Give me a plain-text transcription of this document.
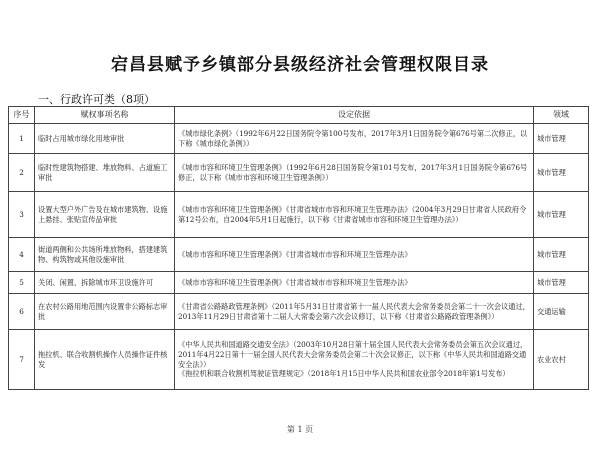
宕昌县赋予乡镇部分县级经济社会管理权限目录
一、行政许可类（8项）
序号	赋权事项名称	设定依据	领域
1	临时占用城市绿化用地审批	《城市绿化条例》（1992年6月22日国务院令第100号发布，2017年3月1日国务院令第676号第二次修正，以下称《城市绿化条例》）	城市管理
2	临时性建筑物搭建、堆放物料、占道施工审批	《城市市容和环境卫生管理条例》（1992年6月28日国务院令第101号发布，2017年3月1日国务院令第676号修正，以下称《城市市容和环境卫生管理条例》）	城市管理
3	设置大型户外广告及在城市建筑物、设施上悬挂、张贴宣传品审批	《城市市容和环境卫生管理条例》《甘肃省城市市容和环境卫生管理办法》（2004年3月29日甘肃省人民政府令第12号公布，自2004年5月1日起施行，以下称《甘肃省城市市容和环境卫生管理办法》）	城市管理
4	街道两侧和公共场所堆放物料，搭建建筑物、构筑物或其他设施审批	《城市市容和环境卫生管理条例》《甘肃省城市市容和环境卫生管理办法》	城市管理
5	关闭、闲置、拆除城市环卫设施许可	《城市市容和环境卫生管理条例》《甘肃省城市市容和环境卫生管理办法》	城市管理
6	在农村公路用地范围内设置非公路标志审批	《甘肃省公路路政管理条例》（2011年5月31日甘肃省第十一届人民代表大会常务委员会第二十一次会议通过，2013年11月29日甘肃省第十二届人大常委会第六次会议修订，以下称《甘肃省公路路政管理条例》）	交通运输
7	拖拉机、联合收割机操作人员操作证件核发	《中华人民共和国道路交通安全法》（2003年10月28日第十届全国人民代表大会常务委员会第五次会议通过，2011年4月22日第十一届全国人民代表大会常务委员会第二十次会议修正，以下称《中华人民共和国道路交通安全法》）
《拖拉机和联合收割机驾驶证管理规定》（2018年1月15日中华人民共和国农业部令2018年第1号发布）	农业农村
第 1 页
